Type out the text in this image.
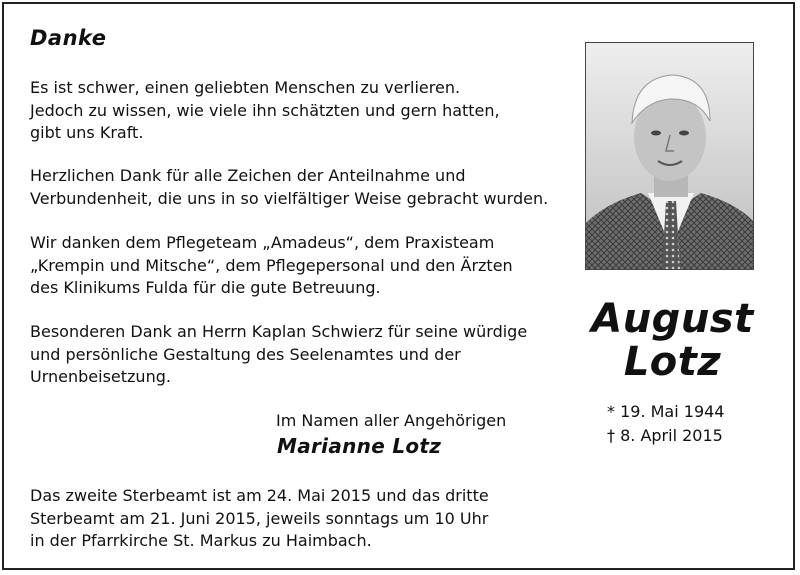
Danke

Es ist schwer, einen geliebten Menschen zu verlieren.
Jedoch zu wissen, wie viele ihn schätzten und gern hatten,
gibt uns Kraft.

Herzlichen Dank für alle Zeichen der Anteilnahme und
Verbundenheit, die uns in so vielfältiger Weise gebracht wurden.

Wir danken dem Pflegeteam „Amadeus“, dem Praxisteam
„Krempin und Mitsche“, dem Pflegepersonal und den Ärzten
des Klinikums Fulda für die gute Betreuung.

Besonderen Dank an Herrn Kaplan Schwierz für seine würdige
und persönliche Gestaltung des Seelenamtes und der
Urnenbeisetzung.

Im Namen aller Angehörigen
Marianne Lotz

Das zweite Sterbeamt ist am 24. Mai 2015 und das dritte
Sterbeamt am 21. Juni 2015, jeweils sonntags um 10 Uhr
in der Pfarrkirche St. Markus zu Haimbach.

August
Lotz
* 19. Mai 1944
† 8. April 2015
